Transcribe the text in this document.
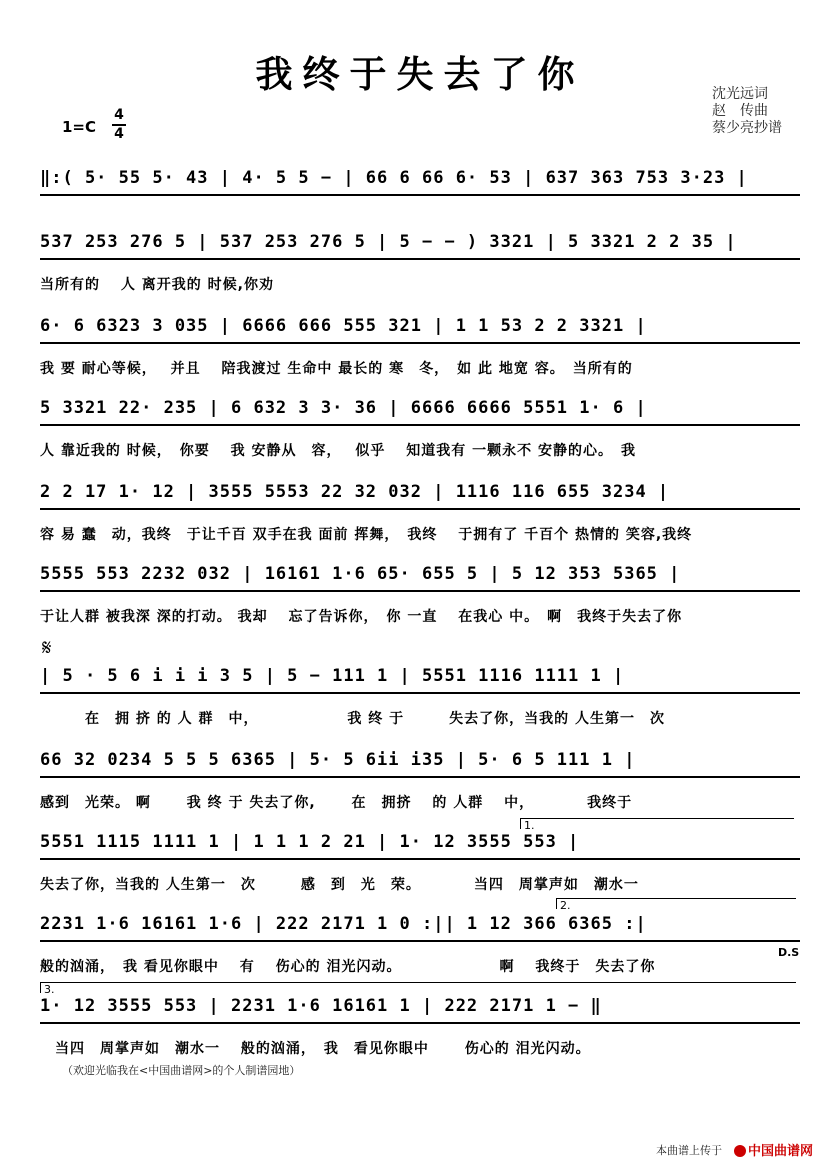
我终于失去了你	沈光远词
赵　传曲
蔡少亮抄谱
1=C
4
4
𝄋
‖:( 5· 55 5· 43 | 4· 5 5 − | 66 6 66 6· 53 | 637 363 753 3·23 |
537 253 276 5 | 537 253 276 5 | 5 − − ) 3321 | 5 3321 2 2 35 |
当所有的　 人 离开我的 时候,你劝
6· 6 6323 3 035 | 6666 666 555 321 | 1 1 53 2 2 3321 |
我 要 耐心等候，　 并且　 陪我渡过 生命中 最长的 寒　冬，　如 此 地宽 容。　当所有的
5 3321 22· 235 | 6 632 3 3· 36 | 6666 6666 5551 1· 6 |
人 靠近我的 时候，　你要　 我 安静从　容，　 似乎　 知道我有 一颗永不 安静的心。　我
2 2 17 1· 12 | 3555 5553 22 32 032 | 1116 116 655 3234 |
容 易 蠢　动，我终　于让千百 双手在我 面前 挥舞，　我终　 于拥有了 千百个 热情的 笑容,我终
5555 553 2232 032 | 16161 1·6 65· 655 5 | 5 12 353 5365 |
于让人群 被我深 深的打动。 我却　 忘了告诉你，　你 一直　 在我心 中。　啊　我终于失去了你
| 5 · 5 6 i i i 3 5 | 5 − 111 1 | 5551 1116 1111 1 |
　　　在　拥 挤 的 人 群　中，　　　　　　 我 终 于　　　失去了你，当我的 人生第一　次
66 32 0234 5 5 5 6365 | 5· 5 6ii i35 | 5· 6 5 111 1 |
感到　光荣。 啊　　 我 终 于 失去了你,　　 在　拥挤　 的 人群　 中，　　　　我终于
5551 1115 1111 1 | 1 1 1 2 21 | 1· 12 3555 553 |
失去了你，当我的 人生第一　次　　　感　到　光　荣。　　　　当四　周掌声如　潮水一
2231 1·6 16161 1·6 | 222 2171 1 0 :|| 1 12 366 6365 :|
般的汹涌，　我 看见你眼中　 有　 伤心的 泪光闪动。　　　　　　　啊　 我终于　失去了你
1· 12 3555 553 | 2231 1·6 16161 1 | 222 2171 1 − ‖
　当四　周掌声如　潮水一　 般的汹涌，　我　看见你眼中　　 伤心的 泪光闪动。
1.
2.
3.
D.S
（欢迎光临我在<中国曲谱网>的个人制谱园地）
本曲谱上传于	中国曲谱网
